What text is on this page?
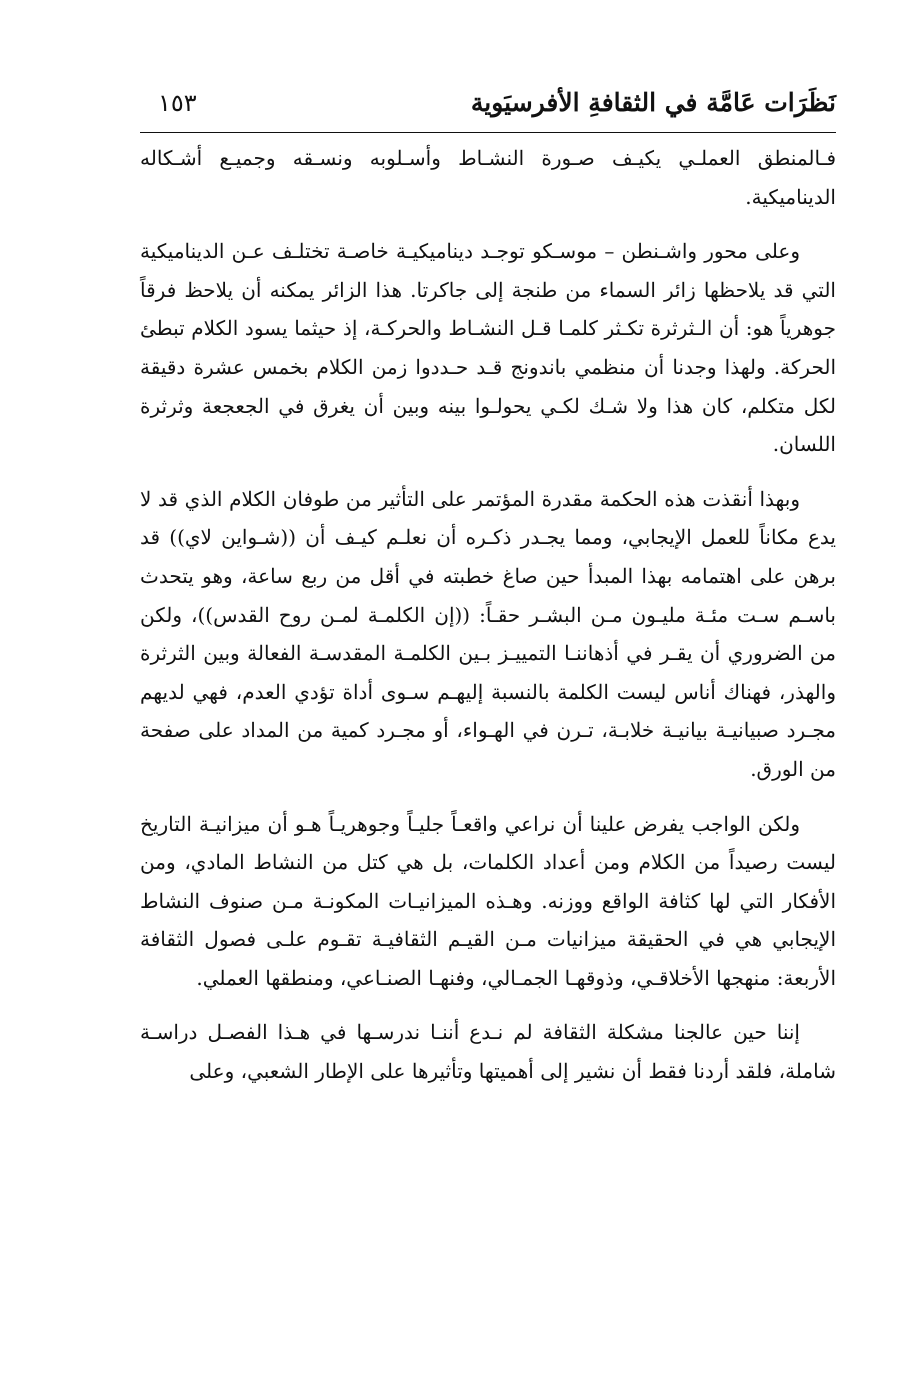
نَظَرَات عَامَّة في الثقافةِ الأفرسيَوية
١٥٣

فـالمنطق العملـي يكيـف صـورة النشـاط وأسـلوبه ونسـقه وجميـع أشـكاله الديناميكية.

وعلى محور واشـنطن – موسـكو توجـد ديناميكيـة خاصـة تختلـف عـن الديناميكية التي قد يلاحظها زائر السماء من طنجة إلى جاكرتا. هذا الزائر يمكنه أن يلاحظ فرقاً جوهرياً هو: أن الـثرثرة تكـثر كلمـا قـل النشـاط والحركـة، إذ حيثما يسود الكلام تبطئ الحركة. ولهذا وجدنا أن منظمي باندونج قـد حـددوا زمن الكلام بخمس عشرة دقيقة لكل متكلم، كان هذا ولا شـك لكـي يحولـوا بينه وبين أن يغرق في الجعجعة وثرثرة اللسان.

وبهذا أنقذت هذه الحكمة مقدرة المؤتمر على التأثير من طوفان الكلام الذي قد لا يدع مكاناً للعمل الإيجابي، ومما يجـدر ذكـره أن نعلـم كيـف أن ((شـواين لاي)) قد برهن على اهتمامه بهذا المبدأ حين صاغ خطبته في أقل من ربع ساعة، وهو يتحدث باسـم سـت مئـة مليـون مـن البشـر حقـاً: ((إن الكلمـة لمـن روح القدس))، ولكن من الضروري أن يقـر في أذهاننـا التمييـز بـين الكلمـة المقدسـة الفعالة وبين الثرثرة والهذر، فهناك أناس ليست الكلمة بالنسبة إليهـم سـوى أداة تؤدي العدم، فهي لديهم مجـرد صبيانيـة بيانيـة خلابـة، تـرن في الهـواء، أو مجـرد كمية من المداد على صفحة من الورق.

ولكن الواجب يفرض علينا أن نراعي واقعـاً جليـاً وجوهريـاً هـو أن ميزانيـة التاريخ ليست رصيداً من الكلام ومن أعداد الكلمات، بل هي كتل من النشاط المادي، ومن الأفكار التي لها كثافة الواقع ووزنه. وهـذه الميزانيـات المكونـة مـن صنوف النشاط الإيجابي هي في الحقيقة ميزانيات مـن القيـم الثقافيـة تقـوم علـى فصول الثقافة الأربعة: منهجها الأخلاقـي، وذوقهـا الجمـالي، وفنهـا الصنـاعي، ومنطقها العملي.

إننا حين عالجنا مشكلة الثقافة لم نـدع أننـا ندرسـها في هـذا الفصـل دراسـة شاملة، فلقد أردنا فقط أن نشير إلى أهميتها وتأثيرها على الإطار الشعبي، وعلى
